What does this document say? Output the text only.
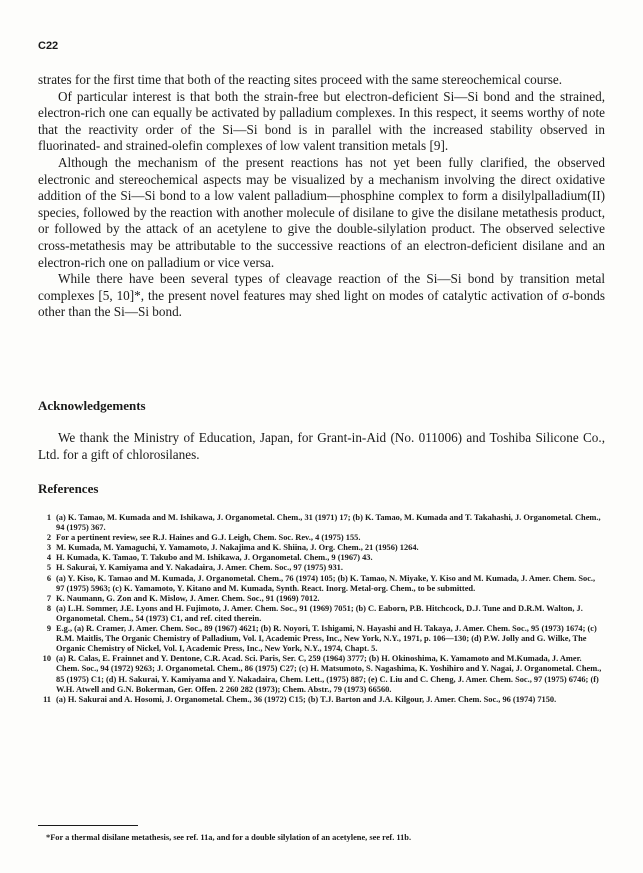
C22

strates for the first time that both of the reacting sites proceed with the same stereochemical course.

Of particular interest is that both the strain-free but electron-deficient Si—Si bond and the strained, electron-rich one can equally be activated by palladium complexes. In this respect, it seems worthy of note that the reactivity order of the Si—Si bond is in parallel with the increased stability observed in fluorinated- and strained-olefin complexes of low valent transition metals [9].

Although the mechanism of the present reactions has not yet been fully clarified, the observed electronic and stereochemical aspects may be visualized by a mechanism involving the direct oxidative addition of the Si—Si bond to a low valent palladium—phosphine complex to form a disilylpalladium(II) species, followed by the reaction with another molecule of disilane to give the disilane metathesis product, or followed by the attack of an acetylene to give the double-silylation product. The observed selective cross-metathesis may be attributable to the successive reactions of an electron-deficient disilane and an electron-rich one on palladium or vice versa.

While there have been several types of cleavage reaction of the Si—Si bond by transition metal complexes [5, 10]*, the present novel features may shed light on modes of catalytic activation of σ-bonds other than the Si—Si bond.

Acknowledgements
We thank the Ministry of Education, Japan, for Grant-in-Aid (No. 011006) and Toshiba Silicone Co., Ltd. for a gift of chlorosilanes.
References
1 (a) K. Tamao, M. Kumada and M. Ishikawa, J. Organometal. Chem., 31 (1971) 17; (b) K. Tamao, M. Kumada and T. Takahashi, J. Organometal. Chem., 94 (1975) 367.
2 For a pertinent review, see R.J. Haines and G.J. Leigh, Chem. Soc. Rev., 4 (1975) 155.
3 M. Kumada, M. Yamaguchi, Y. Yamamoto, J. Nakajima and K. Shiina, J. Org. Chem., 21 (1956) 1264.
4 H. Kumada, K. Tamao, T. Takubo and M. Ishikawa, J. Organometal. Chem., 9 (1967) 43.
5 H. Sakurai, Y. Kamiyama and Y. Nakadaira, J. Amer. Chem. Soc., 97 (1975) 931.
6 (a) Y. Kiso, K. Tamao and M. Kumada, J. Organometal. Chem., 76 (1974) 105; (b) K. Tamao, N. Miyake, Y. Kiso and M. Kumada, J. Amer. Chem. Soc., 97 (1975) 5963; (c) K. Yamamoto, Y. Kitano and M. Kumada, Synth. React. Inorg. Metal-org. Chem., to be submitted.
7 K. Naumann, G. Zon and K. Mislow, J. Amer. Chem. Soc., 91 (1969) 7012.
8 (a) L.H. Sommer, J.E. Lyons and H. Fujimoto, J. Amer. Chem. Soc., 91 (1969) 7051; (b) C. Eaborn, P.B. Hitchcock, D.J. Tune and D.R.M. Walton, J. Organometal. Chem., 54 (1973) C1, and ref. cited therein.
9 E.g., (a) R. Cramer, J. Amer. Chem. Soc., 89 (1967) 4621; (b) R. Noyori, T. Ishigami, N. Hayashi and H. Takaya, J. Amer. Chem. Soc., 95 (1973) 1674; (c) R.M. Maitlis, The Organic Chemistry of Palladium, Vol. I, Academic Press, Inc., New York, N.Y., 1971, p. 106—130; (d) P.W. Jolly and G. Wilke, The Organic Chemistry of Nickel, Vol. I, Academic Press, Inc., New York, N.Y., 1974, Chapt. 5.
10 (a) R. Calas, E. Frainnet and Y. Dentone, C.R. Acad. Sci. Paris, Ser. C, 259 (1964) 3777; (b) H. Okinoshima, K. Yamamoto and M.Kumada, J. Amer. Chem. Soc., 94 (1972) 9263; J. Organometal. Chem., 86 (1975) C27; (c) H. Matsumoto, S. Nagashima, K. Yoshihiro and Y. Nagai, J. Organometal. Chem., 85 (1975) C1; (d) H. Sakurai, Y. Kamiyama and Y. Nakadaira, Chem. Lett., (1975) 887; (e) C. Liu and C. Cheng, J. Amer. Chem. Soc., 97 (1975) 6746; (f) W.H. Atwell and G.N. Bokerman, Ger. Offen. 2 260 282 (1973); Chem. Abstr., 79 (1973) 66560.
11 (a) H. Sakurai and A. Hosomi, J. Organometal. Chem., 36 (1972) C15; (b) T.J. Barton and J.A. Kilgour, J. Amer. Chem. Soc., 96 (1974) 7150.
*For a thermal disilane metathesis, see ref. 11a, and for a double silylation of an acetylene, see ref. 11b.
